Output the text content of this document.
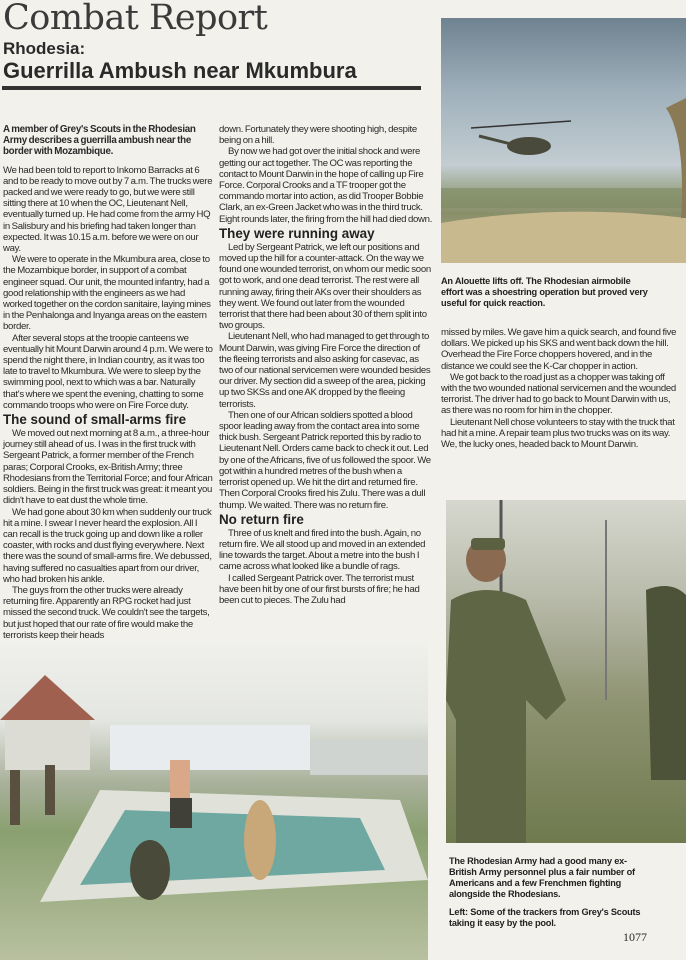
Combat Report
Rhodesia:
Guerrilla Ambush near Mkumbura
An Alouette lifts off. The Rhodesian airmobile effort was a shoestring operation but proved very useful for quick reaction.

A member of Grey's Scouts in the Rhodesian Army describes a guerrilla ambush near the border with Mozambique.

We had been told to report to Inkomo Barracks at 6 and to be ready to move out by 7 a.m. The trucks were packed and we were ready to go, but we were still sitting there at 10 when the OC, Lieutenant Nell, eventually turned up. He had come from the army HQ in Salisbury and his briefing had taken longer than expected. It was 10.15 a.m. before we were on our way.

We were to operate in the Mkumbura area, close to the Mozambique border, in support of a combat engineer squad. Our unit, the mounted infantry, had a good relationship with the engineers as we had worked together on the cordon sanitaire, laying mines in the Penhalonga and Inyanga areas on the eastern border.

After several stops at the troopie canteens we eventually hit Mount Darwin around 4 p.m. We were to spend the night there, in Indian country, as it was too late to travel to Mkumbura. We were to sleep by the swimming pool, next to which was a bar. Naturally that's where we spent the evening, chatting to some commando troops who were on Fire Force duty.

The sound of small-arms fire

We moved out next morning at 8 a.m., a three-hour journey still ahead of us. I was in the first truck with Sergeant Patrick, a former member of the French paras; Corporal Crooks, ex-British Army; three Rhodesians from the Territorial Force; and four African soldiers. Being in the first truck was great: it meant you didn't have to eat dust the whole time.

We had gone about 30 km when suddenly our truck hit a mine. I swear I never heard the explosion. All I can recall is the truck going up and down like a roller coaster, with rocks and dust flying everywhere. Next there was the sound of small-arms fire. We debussed, having suffered no casualties apart from our driver, who had broken his ankle.

The guys from the other trucks were already returning fire. Apparently an RPG rocket had just missed the second truck. We couldn't see the targets, but just hoped that our rate of fire would make the terrorists keep their heads

down. Fortunately they were shooting high, despite being on a hill.

By now we had got over the initial shock and were getting our act together. The OC was reporting the contact to Mount Darwin in the hope of calling up Fire Force. Corporal Crooks and a TF trooper got the commando mortar into action, as did Trooper Bobbie Clark, an ex-Green Jacket who was in the third truck. Eight rounds later, the firing from the hill had died down.

They were running away

Led by Sergeant Patrick, we left our positions and moved up the hill for a counter-attack. On the way we found one wounded terrorist, on whom our medic soon got to work, and one dead terrorist. The rest were all running away, firing their AKs over their shoulders as they went. We found out later from the wounded terrorist that there had been about 30 of them split into two groups.

Lieutenant Nell, who had managed to get through to Mount Darwin, was giving Fire Force the direction of the fleeing terrorists and also asking for casevac, as two of our national servicemen were wounded besides our driver. My section did a sweep of the area, picking up two SKSs and one AK dropped by the fleeing terrorists.

Then one of our African soldiers spotted a blood spoor leading away from the contact area into some thick bush. Sergeant Patrick reported this by radio to Lieutenant Nell. Orders came back to check it out. Led by one of the Africans, five of us followed the spoor. We got within a hundred metres of the bush when a terrorist opened up. We hit the dirt and returned fire. Then Corporal Crooks fired his Zulu. There was a dull thump. We waited. There was no return fire.

No return fire

Three of us knelt and fired into the bush. Again, no return fire. We all stood up and moved in an extended line towards the target. About a metre into the bush I came across what looked like a bundle of rags.

I called Sergeant Patrick over. The terrorist must have been hit by one of our first bursts of fire; he had been cut to pieces. The Zulu had

missed by miles. We gave him a quick search, and found five dollars. We picked up his SKS and went back down the hill. Overhead the Fire Force choppers hovered, and in the distance we could see the K-Car chopper in action.

We got back to the road just as a chopper was taking off with the two wounded national servicemen and the wounded terrorist. The driver had to go back to Mount Darwin with us, as there was no room for him in the chopper.

Lieutenant Nell chose volunteers to stay with the truck that had hit a mine. A repair team plus two trucks was on its way. We, the lucky ones, headed back to Mount Darwin.

The Rhodesian Army had a good many ex-British Army personnel plus a fair number of Americans and a few Frenchmen fighting alongside the Rhodesians.
Left: Some of the trackers from Grey's Scouts taking it easy by the pool.
1077
